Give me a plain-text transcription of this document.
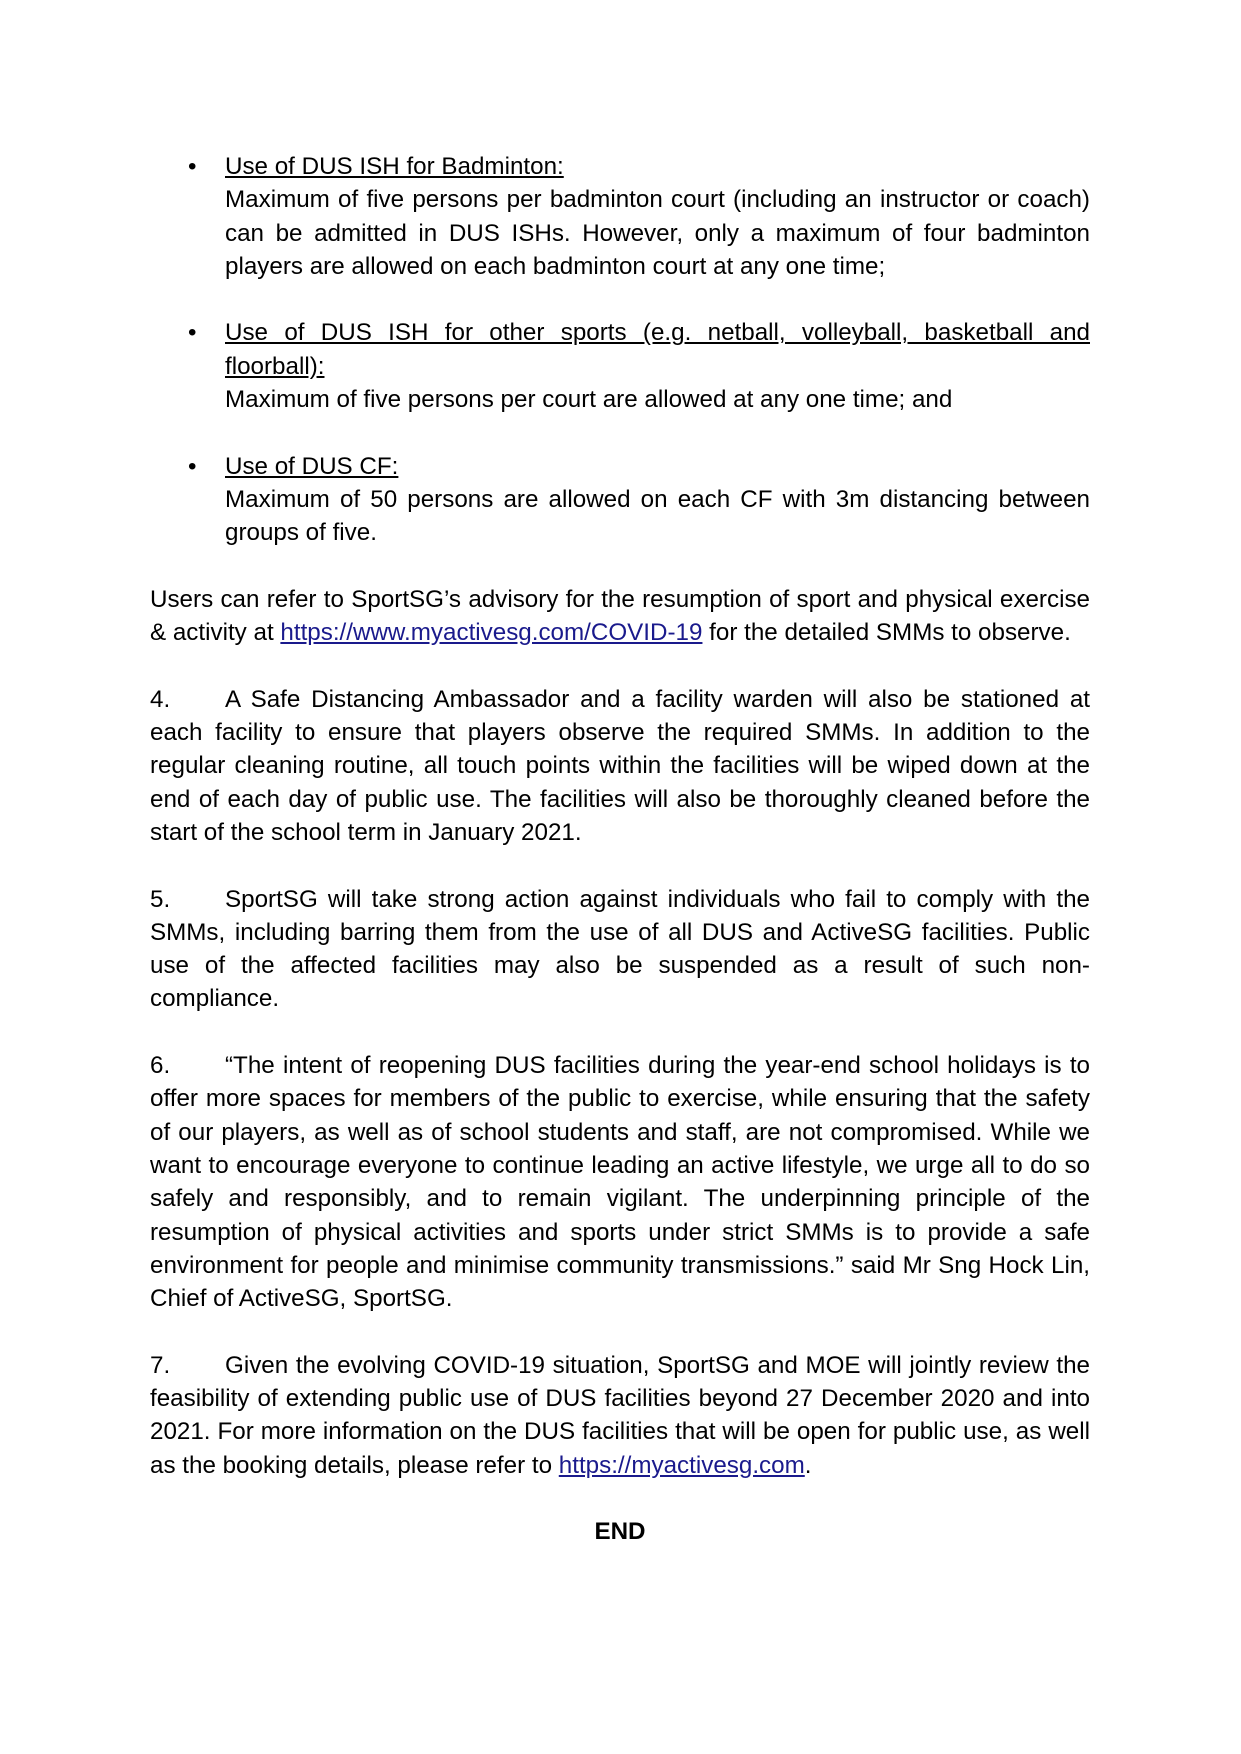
• Use of DUS ISH for Badminton:
Maximum of five persons per badminton court (including an instructor or coach) can be admitted in DUS ISHs. However, only a maximum of four badminton players are allowed on each badminton court at any one time;
• Use of DUS ISH for other sports (e.g. netball, volleyball, basketball and floorball):
Maximum of five persons per court are allowed at any one time; and
• Use of DUS CF:
Maximum of 50 persons are allowed on each CF with 3m distancing between groups of five.

Users can refer to SportSG’s advisory for the resumption of sport and physical exercise & activity at https://www.myactivesg.com/COVID-19 for the detailed SMMs to observe.

4. A Safe Distancing Ambassador and a facility warden will also be stationed at each facility to ensure that players observe the required SMMs. In addition to the regular cleaning routine, all touch points within the facilities will be wiped down at the end of each day of public use. The facilities will also be thoroughly cleaned before the start of the school term in January 2021.

5. SportSG will take strong action against individuals who fail to comply with the SMMs, including barring them from the use of all DUS and ActiveSG facilities. Public use of the affected facilities may also be suspended as a result of such non-compliance.

6. “The intent of reopening DUS facilities during the year-end school holidays is to offer more spaces for members of the public to exercise, while ensuring that the safety of our players, as well as of school students and staff, are not compromised. While we want to encourage everyone to continue leading an active lifestyle, we urge all to do so safely and responsibly, and to remain vigilant. The underpinning principle of the resumption of physical activities and sports under strict SMMs is to provide a safe environment for people and minimise community transmissions.” said Mr Sng Hock Lin, Chief of ActiveSG, SportSG.

7. Given the evolving COVID-19 situation, SportSG and MOE will jointly review the feasibility of extending public use of DUS facilities beyond 27 December 2020 and into 2021. For more information on the DUS facilities that will be open for public use, as well as the booking details, please refer to https://myactivesg.com.

END
